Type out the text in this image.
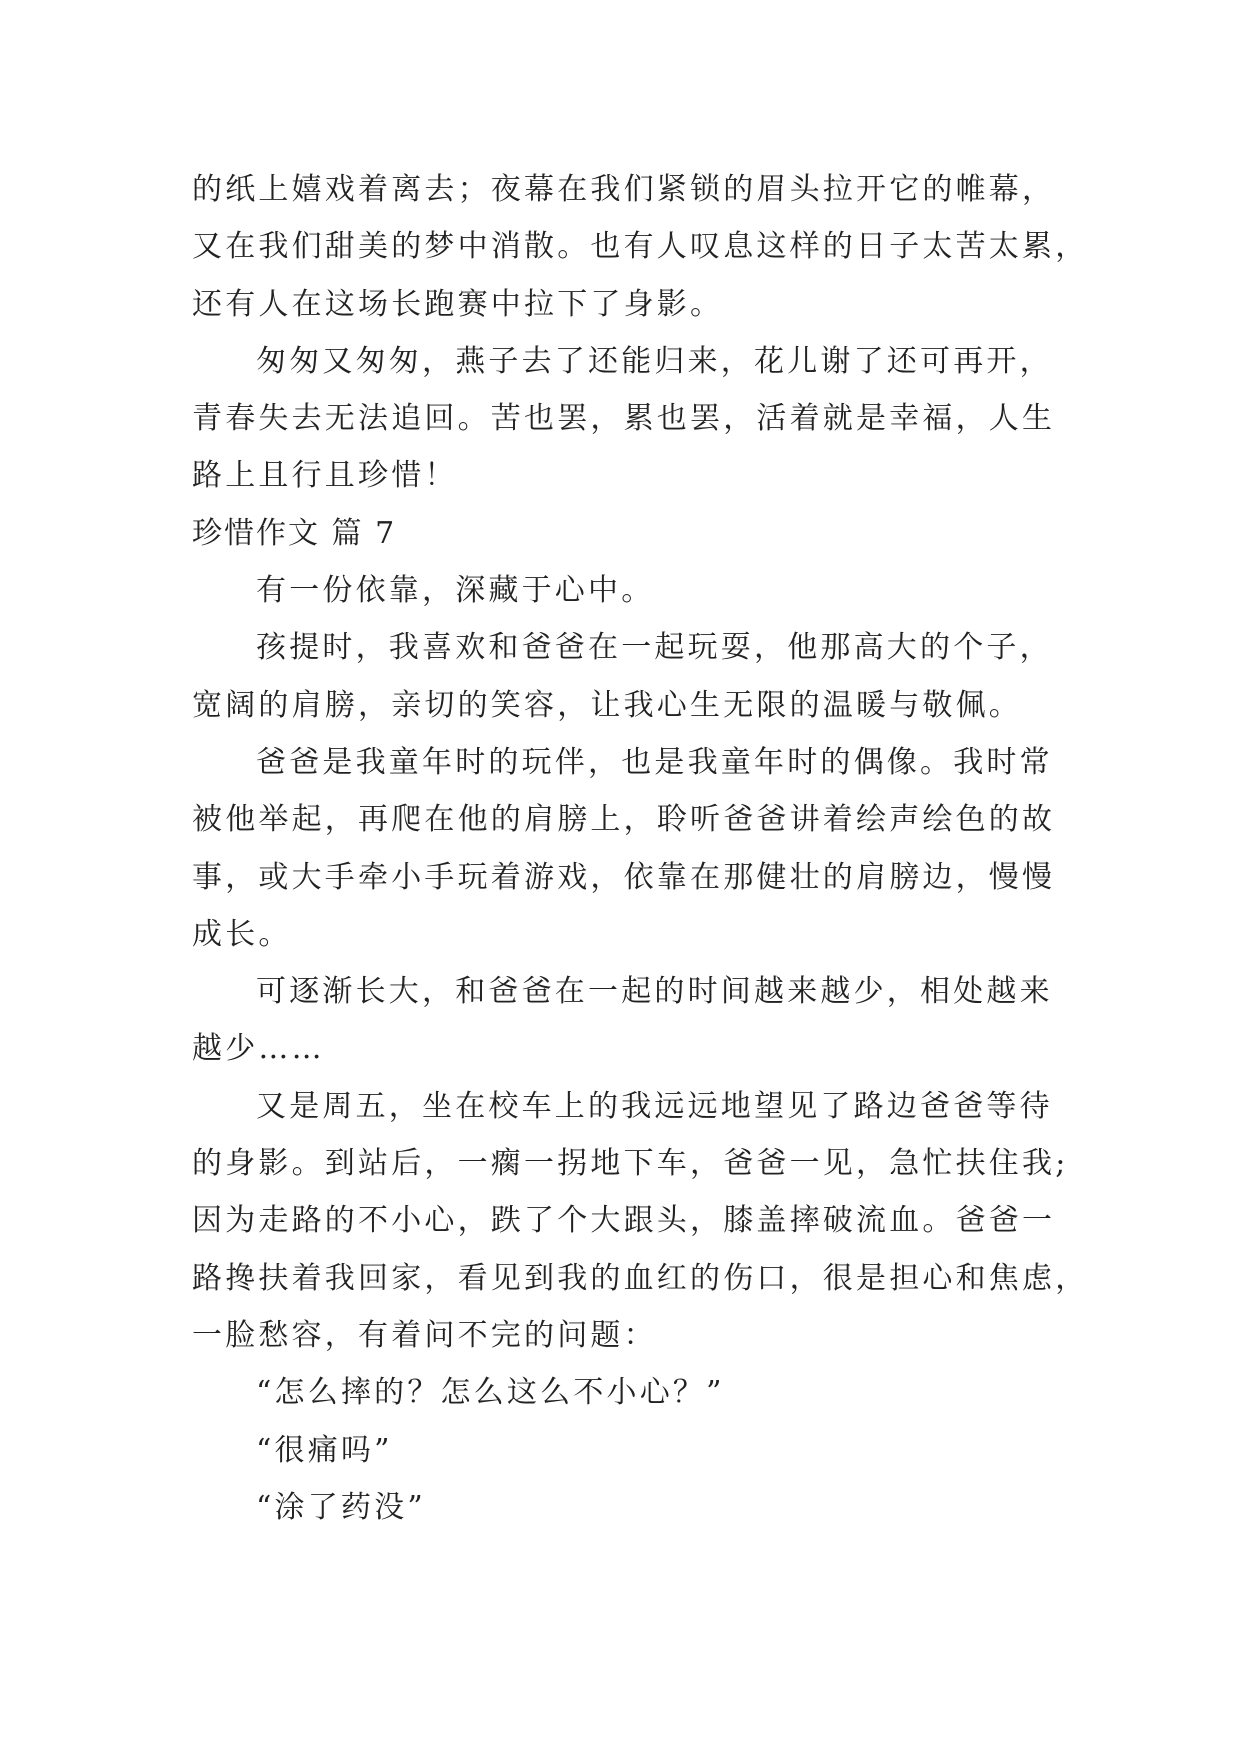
的纸上嬉戏着离去；夜幕在我们紧锁的眉头拉开它的帷幕，
又在我们甜美的梦中消散。也有人叹息这样的日子太苦太累，
还有人在这场长跑赛中拉下了身影。

匆匆又匆匆，燕子去了还能归来，花儿谢了还可再开，
青春失去无法追回。苦也罢，累也罢，活着就是幸福，人生
路上且行且珍惜！

珍惜作文 篇 7

有一份依靠，深藏于心中。

孩提时，我喜欢和爸爸在一起玩耍，他那高大的个子，
宽阔的肩膀，亲切的笑容，让我心生无限的温暖与敬佩。

爸爸是我童年时的玩伴，也是我童年时的偶像。我时常
被他举起，再爬在他的肩膀上，聆听爸爸讲着绘声绘色的故
事，或大手牵小手玩着游戏，依靠在那健壮的肩膀边，慢慢
成长。

可逐渐长大，和爸爸在一起的时间越来越少，相处越来
越少……

又是周五，坐在校车上的我远远地望见了路边爸爸等待
的身影。到站后，一瘸一拐地下车，爸爸一见，急忙扶住我;
因为走路的不小心，跌了个大跟头，膝盖摔破流血。爸爸一
路搀扶着我回家，看见到我的血红的伤口，很是担心和焦虑，
一脸愁容，有着问不完的问题：

“怎么摔的？怎么这么不小心？”

“很痛吗”

“涂了药没”
